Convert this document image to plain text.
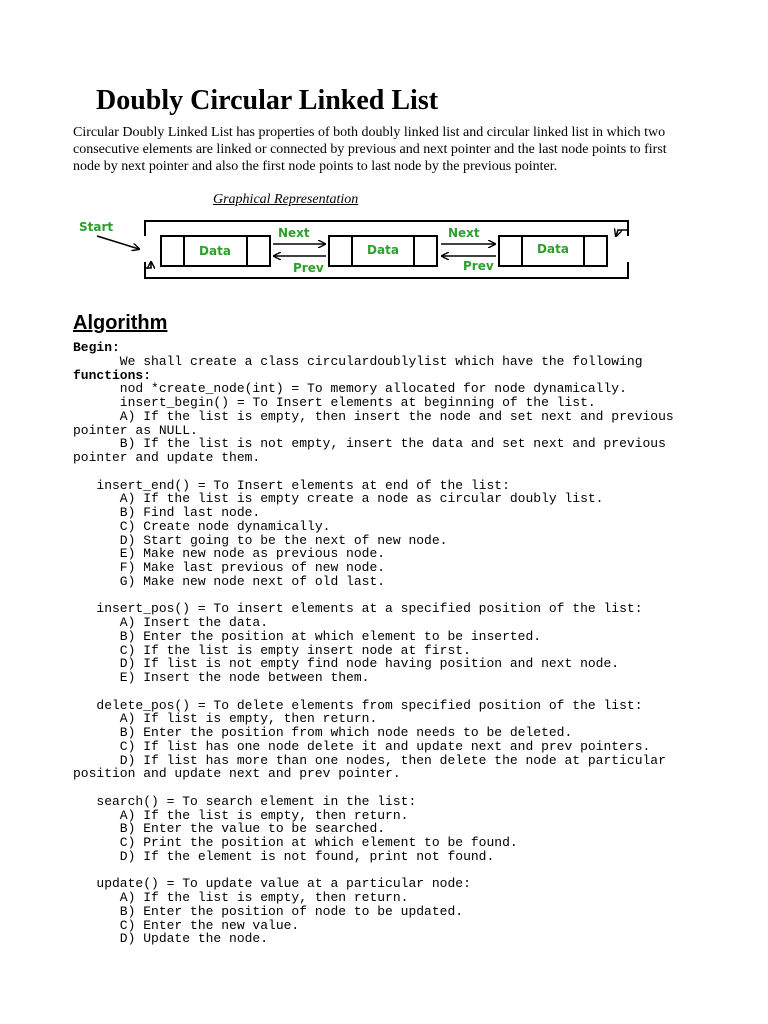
Doubly Circular Linked List

Circular Doubly Linked List has properties of both doubly linked list and circular linked list in which two consecutive elements are linked or connected by previous and next pointer and the last node points to first node by next pointer and also the first node points to last node by the previous pointer.

Graphical Representation

Start
Data	Data	Data
Next
Prev
Next
Prev
Algorithm
Begin:
We shall create a class circulardoublylist which have the following
functions:
nod *create_node(int) = To memory allocated for node dynamically.
insert_begin() = To Insert elements at beginning of the list.
A) If the list is empty, then insert the node and set next and previous
pointer as NULL.
B) If the list is not empty, insert the data and set next and previous
pointer and update them.
insert_end() = To Insert elements at end of the list:
A) If the list is empty create a node as circular doubly list.
B) Find last node.
C) Create node dynamically.
D) Start going to be the next of new node.
E) Make new node as previous node.
F) Make last previous of new node.
G) Make new node next of old last.
insert_pos() = To insert elements at a specified position of the list:
A) Insert the data.
B) Enter the position at which element to be inserted.
C) If the list is empty insert node at first.
D) If list is not empty find node having position and next node.
E) Insert the node between them.
delete_pos() = To delete elements from specified position of the list:
A) If list is empty, then return.
B) Enter the position from which node needs to be deleted.
C) If list has one node delete it and update next and prev pointers.
D) If list has more than one nodes, then delete the node at particular
position and update next and prev pointer.
search() = To search element in the list:
A) If the list is empty, then return.
B) Enter the value to be searched.
C) Print the position at which element to be found.
D) If the element is not found, print not found.
update() = To update value at a particular node:
A) If the list is empty, then return.
B) Enter the position of node to be updated.
C) Enter the new value.
D) Update the node.
